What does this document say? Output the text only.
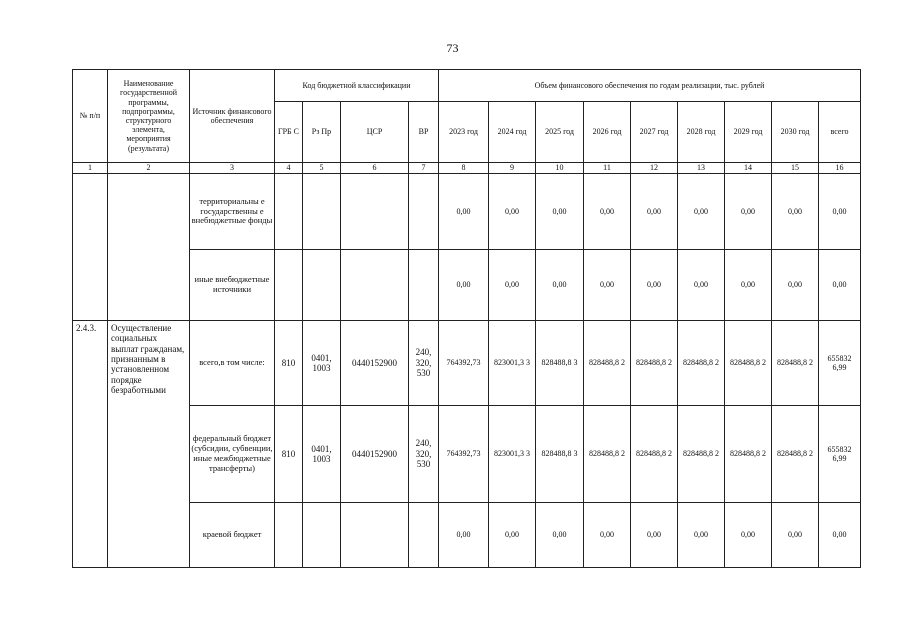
73
№ п/п	Наименование государственной программы, подпрограммы, структурного элемента, мероприятия (результата)	Источник финансового обеспечения	Код бюджетной классификации				Объем финансового обеспечения по годам реализации, тыс. рублей								
			ГРБ С	Рз Пр	ЦСР	ВР	2023 год	2024 год	2025 год	2026 год	2027 год	2028 год	2029 год	2030 год	всего
1	2	3	4	5	6	7	8	9	10	11	12	13	14	15	16
		территориальны е государственны е внебюджетные фонды					0,00	0,00	0,00	0,00	0,00	0,00	0,00	0,00	0,00
		иные внебюджетные источники					0,00	0,00	0,00	0,00	0,00	0,00	0,00	0,00	0,00
2.4.3.	Осуществление социальных выплат гражданам, признанным в установленном порядке безработными	всего,в том числе:	810	0401, 1003	0440152900	240, 320, 530	764392,73	823001,3 3	828488,8 3	828488,8 2	828488,8 2	828488,8 2	828488,8 2	828488,8 2	655832 6,99
		федеральный бюджет (субсидии, субвенции, иные межбюджетные трансферты)	810	0401, 1003	0440152900	240, 320, 530	764392,73	823001,3 3	828488,8 3	828488,8 2	828488,8 2	828488,8 2	828488,8 2	828488,8 2	655832 6,99
		краевой бюджет					0,00	0,00	0,00	0,00	0,00	0,00	0,00	0,00	0,00
